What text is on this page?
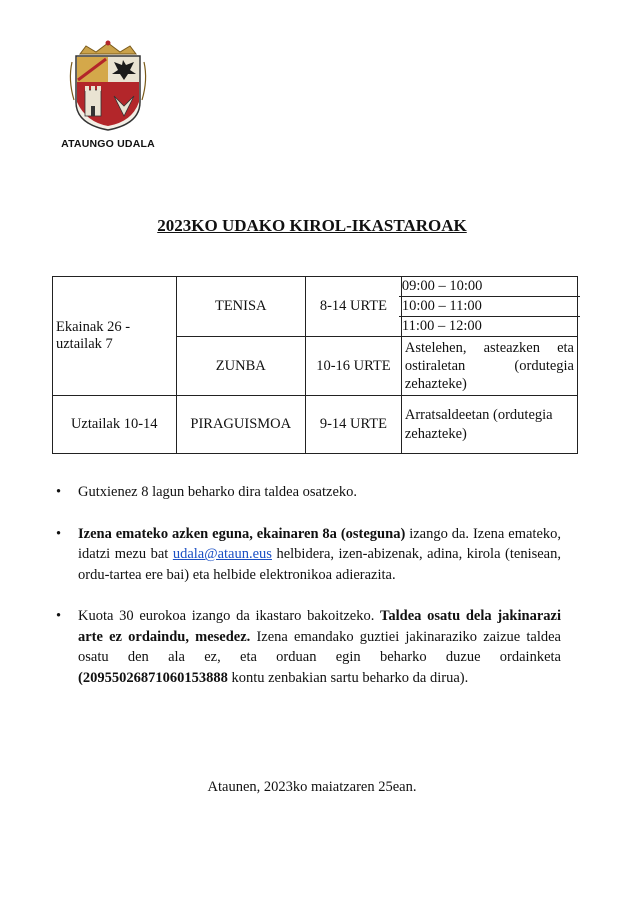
ATAUNGO UDALA
2023KO UDAKO KIROL-IKASTAROAK
Ekainak 26 - uztailak 7	TENISA	8-14 URTE	09:00 – 10:00
10:00 – 11:00
11:00 – 12:00

	ZUNBA	10-16 URTE	Astelehen, asteazken eta ostiraletan (ordutegia zehazteke)
Uztailak 10-14	PIRAGUISMOA	9-14 URTE	Arratsaldeetan (ordutegia zehazteke)
• Gutxienez 8 lagun beharko dira taldea osatzeko.
• Izena emateko azken eguna, ekainaren 8a (osteguna) izango da. Izena emateko, idatzi mezu bat udala@ataun.eus helbidera, izen-abizenak, adina, kirola (tenisean, ordu-tartea ere bai) eta helbide elektronikoa adierazita.
• Kuota 30 eurokoa izango da ikastaro bakoitzeko. Taldea osatu dela jakinarazi arte ez ordaindu, mesedez. Izena emandako guztiei jakinaraziko zaizue taldea osatu den ala ez, eta orduan egin beharko duzue ordainketa (20955026871060153888 kontu zenbakian sartu beharko da dirua).
Ataunen, 2023ko maiatzaren 25ean.
